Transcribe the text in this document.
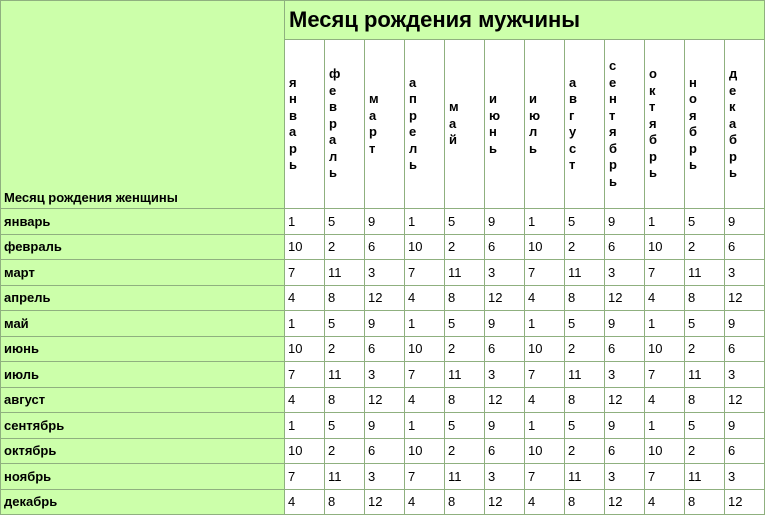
Месяц рождения женщины	Месяц рождения мужчины											

	январь	февраль	март	апрель	май	июнь	июль	август	сентябрь	октябрь	ноябрь	декабрь

январь	1	5	9	1	5	9	1	5	9	1	5	9
февраль	10	2	6	10	2	6	10	2	6	10	2	6
март	7	11	3	7	11	3	7	11	3	7	11	3
апрель	4	8	12	4	8	12	4	8	12	4	8	12
май	1	5	9	1	5	9	1	5	9	1	5	9
июнь	10	2	6	10	2	6	10	2	6	10	2	6
июль	7	11	3	7	11	3	7	11	3	7	11	3
август	4	8	12	4	8	12	4	8	12	4	8	12
сентябрь	1	5	9	1	5	9	1	5	9	1	5	9
октябрь	10	2	6	10	2	6	10	2	6	10	2	6
ноябрь	7	11	3	7	11	3	7	11	3	7	11	3
декабрь	4	8	12	4	8	12	4	8	12	4	8	12
